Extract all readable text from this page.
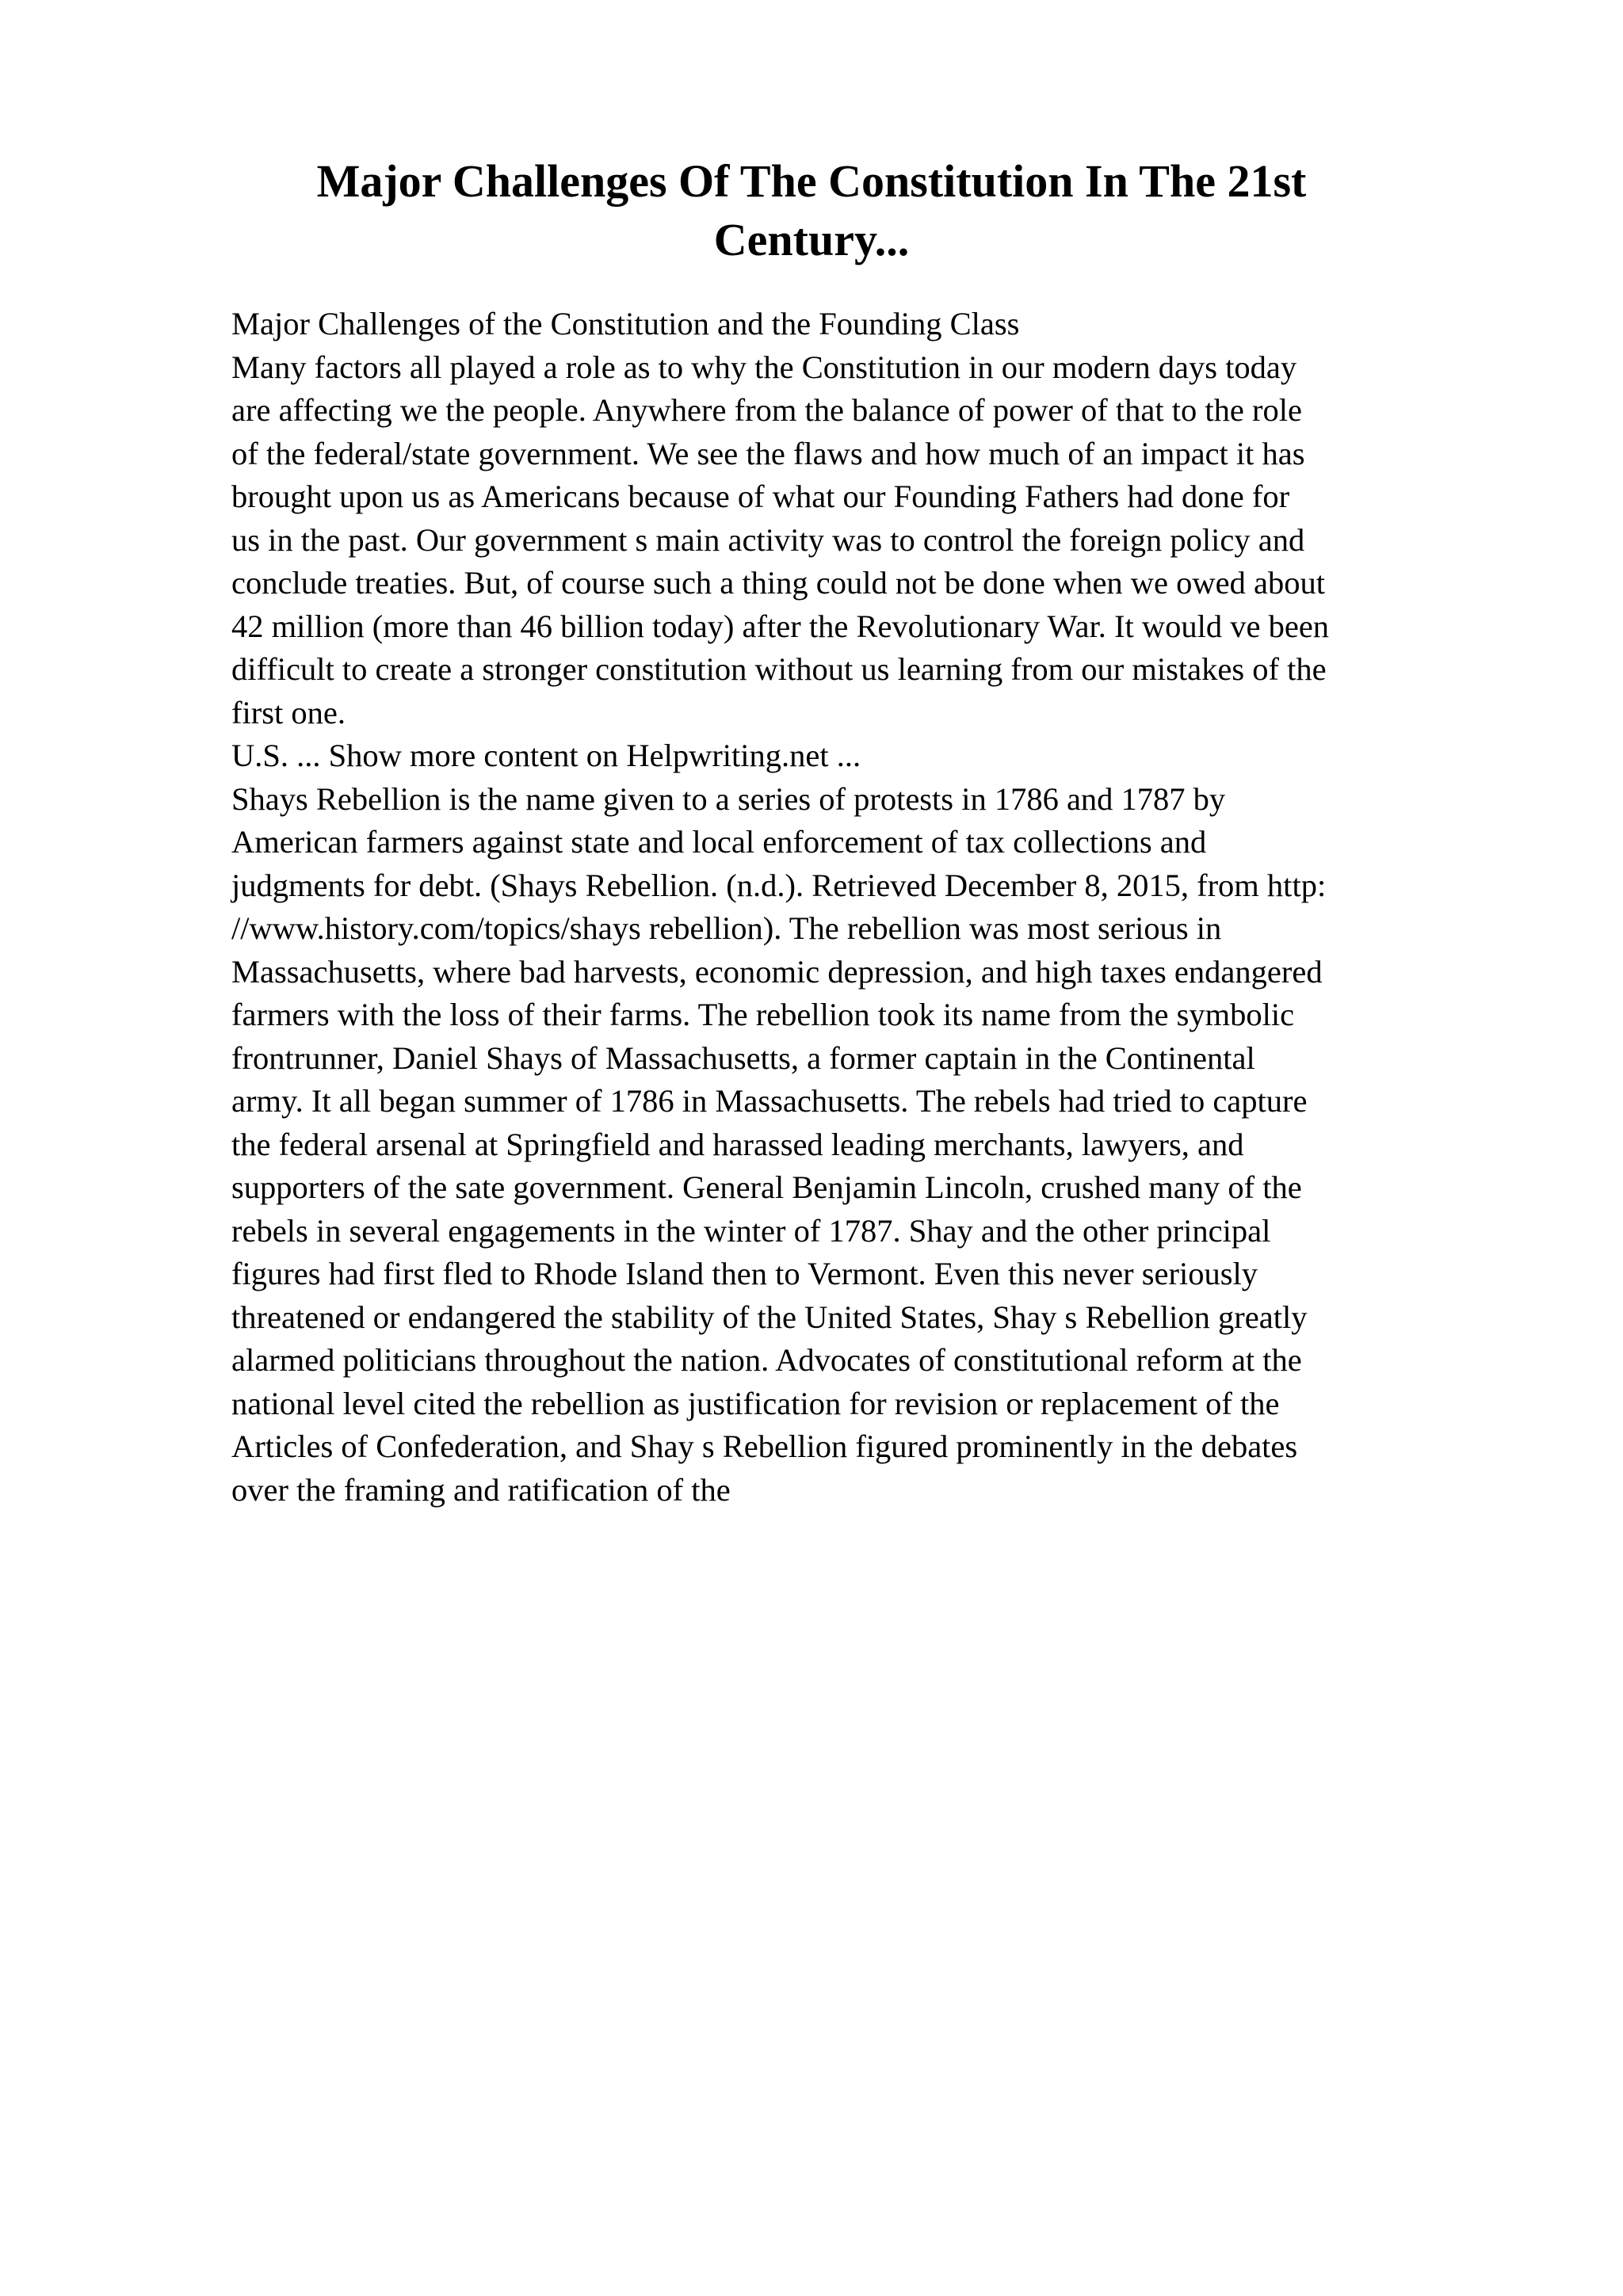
Major Challenges Of The Constitution In The 21st
Century...
Major Challenges of the Constitution and the Founding Class
Many factors all played a role as to why the Constitution in our modern days today
are affecting we the people. Anywhere from the balance of power of that to the role
of the federal/state government. We see the flaws and how much of an impact it has
brought upon us as Americans because of what our Founding Fathers had done for
us in the past. Our government s main activity was to control the foreign policy and
conclude treaties. But, of course such a thing could not be done when we owed about
42 million (more than 46 billion today) after the Revolutionary War. It would ve been
difficult to create a stronger constitution without us learning from our mistakes of the
first one.
U.S. ... Show more content on Helpwriting.net ...
Shays Rebellion is the name given to a series of protests in 1786 and 1787 by
American farmers against state and local enforcement of tax collections and
judgments for debt. (Shays Rebellion. (n.d.). Retrieved December 8, 2015, from http:
//www.history.com/topics/shays rebellion). The rebellion was most serious in
Massachusetts, where bad harvests, economic depression, and high taxes endangered
farmers with the loss of their farms. The rebellion took its name from the symbolic
frontrunner, Daniel Shays of Massachusetts, a former captain in the Continental
army. It all began summer of 1786 in Massachusetts. The rebels had tried to capture
the federal arsenal at Springfield and harassed leading merchants, lawyers, and
supporters of the sate government. General Benjamin Lincoln, crushed many of the
rebels in several engagements in the winter of 1787. Shay and the other principal
figures had first fled to Rhode Island then to Vermont. Even this never seriously
threatened or endangered the stability of the United States, Shay s Rebellion greatly
alarmed politicians throughout the nation. Advocates of constitutional reform at the
national level cited the rebellion as justification for revision or replacement of the
Articles of Confederation, and Shay s Rebellion figured prominently in the debates
over the framing and ratification of the
